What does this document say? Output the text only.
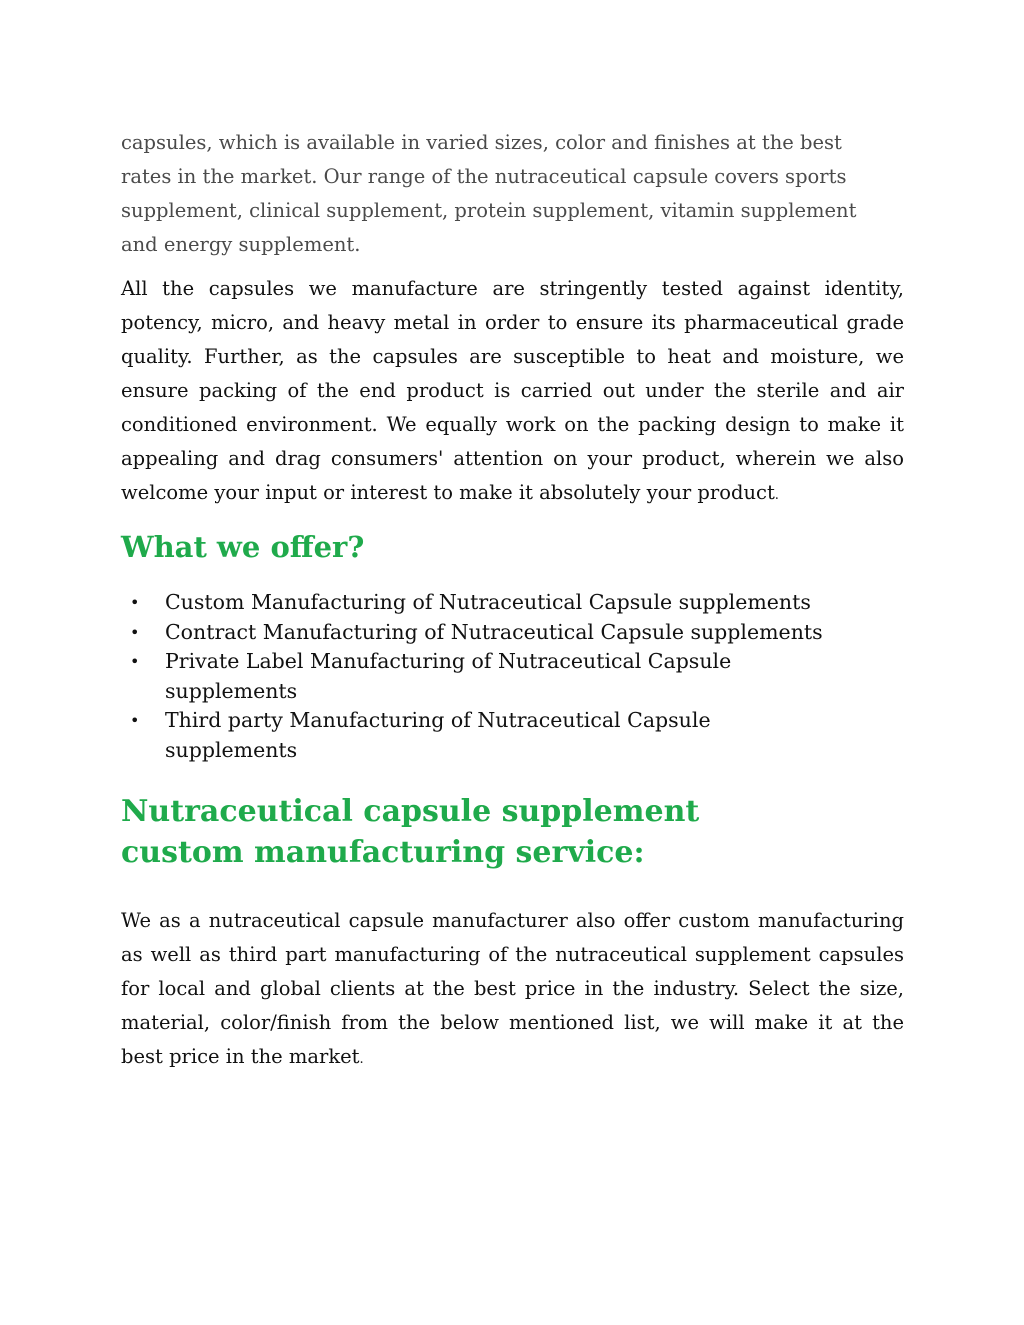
capsules, which is available in varied sizes, color and finishes at the best rates in the market. Our range of the nutraceutical capsule covers sports supplement, clinical supplement, protein supplement, vitamin supplement and energy supplement.

All the capsules we manufacture are stringently tested against identity, potency, micro, and heavy metal in order to ensure its pharmaceutical grade quality. Further, as the capsules are susceptible to heat and moisture, we ensure packing of the end product is carried out under the sterile and air conditioned environment. We equally work on the packing design to make it appealing and drag consumers' attention on your product, wherein we also welcome your input or interest to make it absolutely your product.

What we offer?
• Custom Manufacturing of Nutraceutical Capsule supplements
• Contract Manufacturing of Nutraceutical Capsule supplements
• Private Label Manufacturing of Nutraceutical Capsule supplements
• Third party Manufacturing of Nutraceutical Capsule supplements
Nutraceutical capsule supplement custom manufacturing service:

We as a nutraceutical capsule manufacturer also offer custom manufacturing as well as third part manufacturing of the nutraceutical supplement capsules for local and global clients at the best price in the industry. Select the size, material, color/finish from the below mentioned list, we will make it at the best price in the market.
